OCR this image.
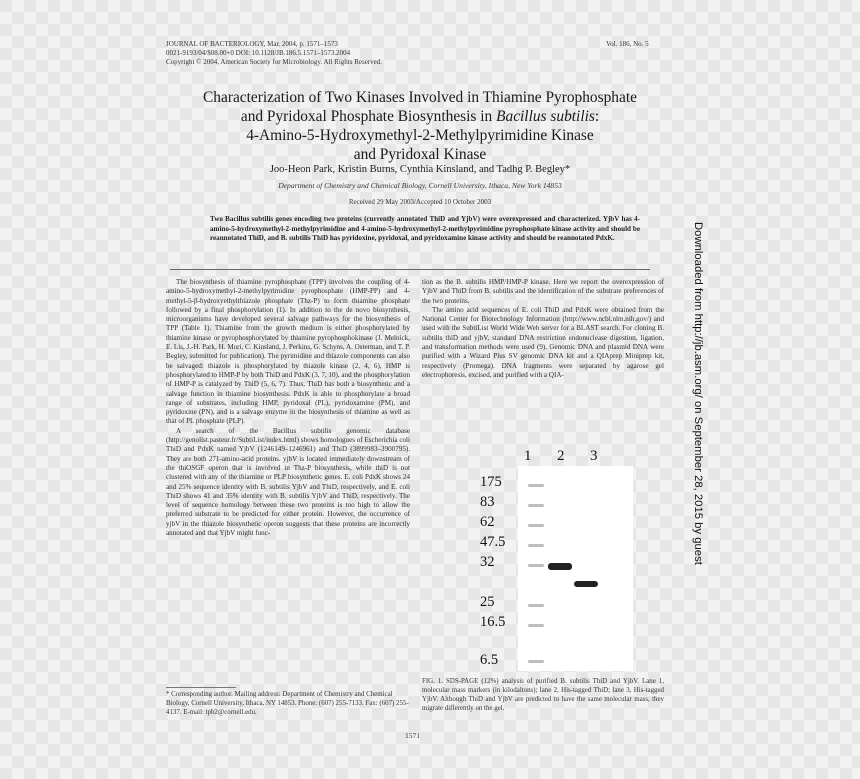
JOURNAL OF BACTERIOLOGY, Mar. 2004, p. 1571–1573
0021-9193/04/$08.00+0 DOI: 10.1128/JB.186.5.1571–1573.2004
Copyright © 2004, American Society for Microbiology. All Rights Reserved.
Vol. 186, No. 5
Characterization of Two Kinases Involved in Thiamine Pyrophosphate
and Pyridoxal Phosphate Biosynthesis in Bacillus subtilis:
4-Amino-5-Hydroxymethyl-2-Methylpyrimidine Kinase
and Pyridoxal Kinase
Joo-Heon Park, Kristin Burns, Cynthia Kinsland, and Tadhg P. Begley*
Department of Chemistry and Chemical Biology, Cornell University, Ithaca, New York 14853
Received 29 May 2003/Accepted 10 October 2003
Two Bacillus subtilis genes encoding two proteins (currently annotated ThiD and YjbV) were overexpressed and characterized. YjbV has 4-amino-5-hydroxymethyl-2-methylpyrimidine and 4-amino-5-hydroxymethyl-2-methylpyrimidine pyrophosphate kinase activity and should be reannotated ThiD, and B. subtilis ThiD has pyridoxine, pyridoxal, and pyridoxamine kinase activity and should be reannotated PdxK.

The biosynthesis of thiamine pyrophosphate (TPP) involves the coupling of 4-amino-5-hydroxymethyl-2-methylpyrimidine pyrophosphate (HMP-PP) and 4-methyl-5-β-hydroxyethylthiazole phosphate (Thz-P) to form thiamine phosphate followed by a final phosphorylation (1). In addition to the de novo biosynthesis, microorganisms have developed several salvage pathways for the biosynthesis of TPP (Table 1). Thiamine from the growth medium is either phosphorylated by thiamine kinase or pyrophosphorylated by thiamine pyrophosphokinase (J. Melnick, E. Lis, J.-H. Park, H. Mori, C. Kinsland, J. Perkins, G. Schyns, A. Osterman, and T. P. Begley, submitted for publication). The pyrimidine and thiazole components can also be salvaged: thiazole is phosphorylated by thiazole kinase (2, 4, 6), HMP is phosphorylated to HMP-P by both ThiD and PdxK (3, 7, 10), and the phosphorylation of HMP-P is catalyzed by ThiD (5, 6, 7). Thus, ThiD has both a biosynthetic and a salvage function in thiamine biosynthesis. PdxK is able to phosphorylate a broad range of substrates, including HMP, pyridoxal (PL), pyridoxamine (PM), and pyridoxine (PN), and is a salvage enzyme in the biosynthesis of thiamine as well as that of PL phosphate (PLP).

A search of the Bacillus subtilis genomic database (http://genolist.pasteur.fr/SubtiList/index.html) shows homologues of Escherichia coli ThiD and PdxK named YjbV (1246149–1246961) and ThiD (3899983–3900795). They are both 271-amino-acid proteins. yjbV is located immediately downstream of the thiOSGF operon that is involved in Thz-P biosynthesis, while thiD is not clustered with any of the thiamine or PLP biosynthetic genes. E. coli PdxK shows 24 and 25% sequence identity with B. subtilis YjbV and ThiD, respectively, and E. coli ThiD shows 41 and 35% identity with B. subtilis YjbV and ThiD, respectively. The level of sequence homology between these two proteins is too high to allow the preferred substrate to be predicted for either protein. However, the occurrence of yjbV in the thiazole biosynthetic operon suggests that these proteins are incorrectly annotated and that YjbV might func-

* Corresponding author. Mailing address: Department of Chemistry and Chemical Biology, Cornell University, Ithaca, NY 14853. Phone: (607) 255-7133. Fax: (607) 255-4137. E-mail: tpb2@cornell.edu.

tion as the B. subtilis HMP/HMP-P kinase. Here we report the overexpression of YjbV and ThiD from B. subtilis and the identification of the substrate preferences of the two proteins.

The amino acid sequences of E. coli ThiD and PdxK were obtained from the National Center for Biotechnology Information (http://www.ncbi.nlm.nih.gov/) and used with the SubtiList World Wide Web server for a BLAST search. For cloning B. subtilis thiD and yjbV, standard DNA restriction endonuclease digestion, ligation, and transformation methods were used (9). Genomic DNA and plasmid DNA were purified with a Wizard Plus SV genomic DNA kit and a QIAprep Miniprep kit, respectively (Promega). DNA fragments were separated by agarose gel electrophoresis, excised, and purified with a QIA-

1 2 3
175
83
62
47.5
32
25
16.5
6.5
FIG. 1. SDS-PAGE (12%) analysis of purified B. subtilis ThiD and YjbV. Lane 1, molecular mass markers (in kilodaltons); lane 2, His-tagged ThiD; lane 3, His-tagged YjbV. Although ThiD and YjbV are predicted to have the same molecular mass, they migrate differently on the gel.
1571
Downloaded from http://jb.asm.org/ on September 28, 2015 by guest
